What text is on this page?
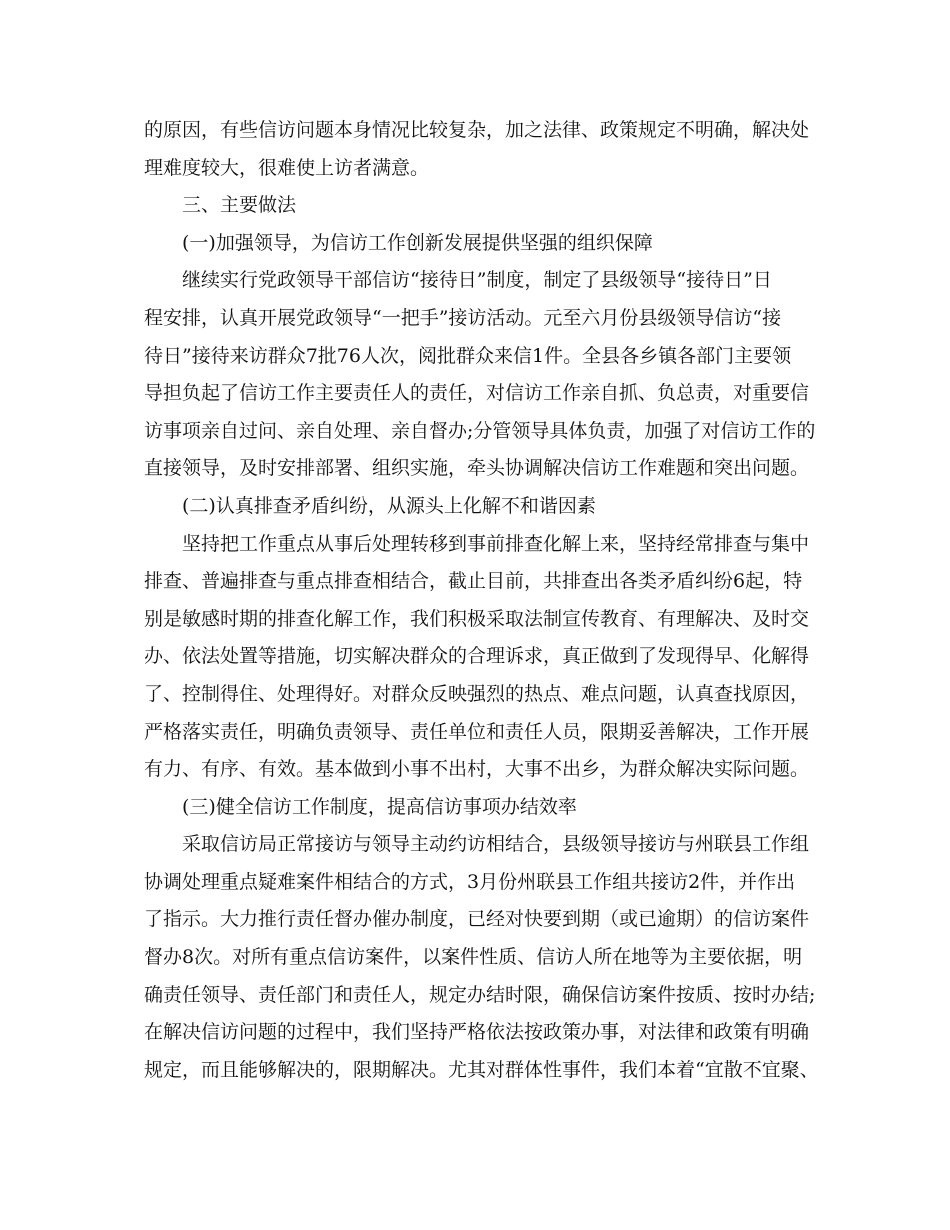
的原因，有些信访问题本身情况比较复杂，加之法律、政策规定不明确，解决处
理难度较大，很难使上访者满意。
三、主要做法
(一)加强领导，为信访工作创新发展提供坚强的组织保障
继续实行党政领导干部信访“接待日”制度，制定了县级领导“接待日”日
程安排，认真开展党政领导“一把手”接访活动。元至六月份县级领导信访“接
待日”接待来访群众7批76人次，阅批群众来信1件。全县各乡镇各部门主要领
导担负起了信访工作主要责任人的责任，对信访工作亲自抓、负总责，对重要信
访事项亲自过问、亲自处理、亲自督办;分管领导具体负责，加强了对信访工作的
直接领导，及时安排部署、组织实施，牵头协调解决信访工作难题和突出问题。
(二)认真排查矛盾纠纷，从源头上化解不和谐因素
坚持把工作重点从事后处理转移到事前排查化解上来，坚持经常排查与集中
排查、普遍排查与重点排查相结合，截止目前，共排查出各类矛盾纠纷6起，特
别是敏感时期的排查化解工作，我们积极采取法制宣传教育、有理解决、及时交
办、依法处置等措施，切实解决群众的合理诉求，真正做到了发现得早、化解得
了、控制得住、处理得好。对群众反映强烈的热点、难点问题，认真查找原因，
严格落实责任，明确负责领导、责任单位和责任人员，限期妥善解决，工作开展
有力、有序、有效。基本做到小事不出村，大事不出乡，为群众解决实际问题。
(三)健全信访工作制度，提高信访事项办结效率
采取信访局正常接访与领导主动约访相结合，县级领导接访与州联县工作组
协调处理重点疑难案件相结合的方式，3月份州联县工作组共接访2件，并作出
了指示。大力推行责任督办催办制度，已经对快要到期（或已逾期）的信访案件
督办8次。对所有重点信访案件，以案件性质、信访人所在地等为主要依据，明
确责任领导、责任部门和责任人，规定办结时限，确保信访案件按质、按时办结;
在解决信访问题的过程中，我们坚持严格依法按政策办事，对法律和政策有明确
规定，而且能够解决的，限期解决。尤其对群体性事件，我们本着“宜散不宜聚、
